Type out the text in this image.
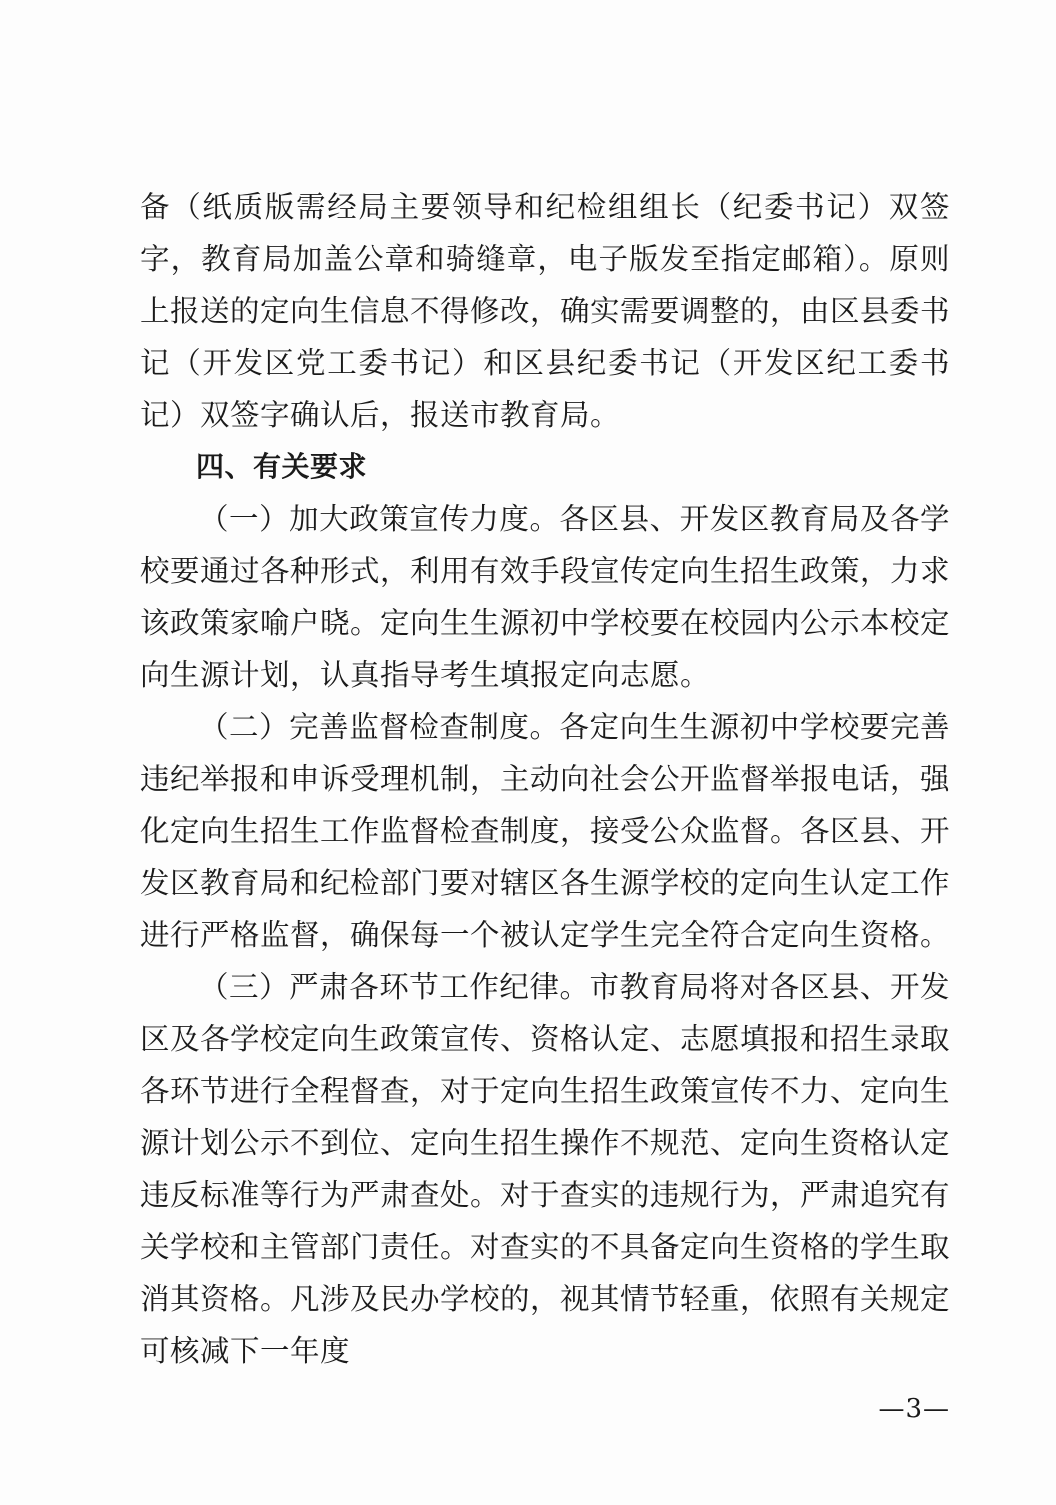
备（纸质版需经局主要领导和纪检组组长（纪委书记）双签字，教育局加盖公章和骑缝章，电子版发至指定邮箱）。原则上报送的定向生信息不得修改，确实需要调整的，由区县委书记（开发区党工委书记）和区县纪委书记（开发区纪工委书记）双签字确认后，报送市教育局。

四、有关要求

（一）加大政策宣传力度。各区县、开发区教育局及各学校要通过各种形式，利用有效手段宣传定向生招生政策，力求该政策家喻户晓。定向生生源初中学校要在校园内公示本校定向生源计划，认真指导考生填报定向志愿。

（二）完善监督检查制度。各定向生生源初中学校要完善违纪举报和申诉受理机制，主动向社会公开监督举报电话，强化定向生招生工作监督检查制度，接受公众监督。各区县、开发区教育局和纪检部门要对辖区各生源学校的定向生认定工作进行严格监督，确保每一个被认定学生完全符合定向生资格。

（三）严肃各环节工作纪律。市教育局将对各区县、开发区及各学校定向生政策宣传、资格认定、志愿填报和招生录取各环节进行全程督查，对于定向生招生政策宣传不力、定向生源计划公示不到位、定向生招生操作不规范、定向生资格认定违反标准等行为严肃查处。对于查实的违规行为，严肃追究有关学校和主管部门责任。对查实的不具备定向生资格的学生取消其资格。凡涉及民办学校的，视其情节轻重，依照有关规定可核减下一年度

—3—
